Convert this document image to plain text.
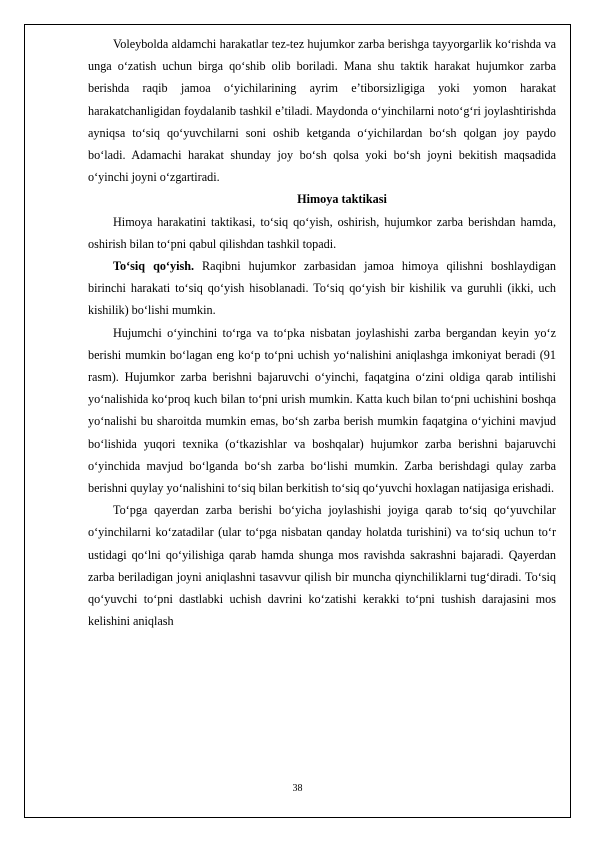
Voleybolda aldamchi harakatlar tez-tez hujumkor zarba berishga tayyorgarlik ko‘rishda va unga o‘zatish uchun birga qo‘shib olib boriladi. Mana shu taktik harakat hujumkor zarba berishda raqib jamoa o‘yichilarining ayrim e’tiborsizligiga yoki yomon harakat harakatchanligidan foydalanib tashkil e’tiladi. Maydonda o‘yinchilarni noto‘g‘ri joylashtirishda ayniqsa to‘siq qo‘yuvchilarni soni oshib ketganda o‘yichilardan bo‘sh qolgan joy paydo bo‘ladi. Adamachi harakat shunday joy bo‘sh qolsa yoki bo‘sh joyni bekitish maqsadida o‘yinchi joyni o‘zgartiradi.

Himoya taktikasi

Himoya harakatini taktikasi, to‘siq qo‘yish, oshirish, hujumkor zarba berishdan hamda, oshirish bilan to‘pni qabul qilishdan tashkil topadi.

To‘siq qo‘yish. Raqibni hujumkor zarbasidan jamoa himoya qilishni boshlaydigan birinchi harakati to‘siq qo‘yish hisoblanadi. To‘siq qo‘yish bir kishilik va guruhli (ikki, uch kishilik) bo‘lishi mumkin.

Hujumchi o‘yinchini to‘rga va to‘pka nisbatan joylashishi zarba bergandan keyin yo‘z berishi mumkin bo‘lagan eng ko‘p to‘pni uchish yo‘nalishini aniqlashga imkoniyat beradi (91 rasm). Hujumkor zarba berishni bajaruvchi o‘yinchi, faqatgina o‘zini oldiga qarab intilishi yo‘nalishida ko‘proq kuch bilan to‘pni urish mumkin. Katta kuch bilan to‘pni uchishini boshqa yo‘nalishi bu sharoitda mumkin emas, bo‘sh zarba berish mumkin faqatgina o‘yichini mavjud bo‘lishida yuqori texnika (o‘tkazishlar va boshqalar) hujumkor zarba berishni bajaruvchi o‘yinchida mavjud bo‘lganda bo‘sh zarba bo‘lishi mumkin. Zarba berishdagi qulay zarba berishni quylay yo‘nalishini to‘siq bilan berkitish to‘siq qo‘yuvchi hoxlagan natijasiga erishadi.

To‘pga qayerdan zarba berishi bo‘yicha joylashishi joyiga qarab to‘siq qo‘yuvchilar o‘yinchilarni ko‘zatadilar (ular to‘pga nisbatan qanday holatda turishini) va to‘siq uchun to‘r ustidagi qo‘lni qo‘yilishiga qarab hamda shunga mos ravishda sakrashni bajaradi. Qayerdan zarba beriladigan joyni aniqlashni tasavvur qilish bir muncha qiynchiliklarni tug‘diradi. To‘siq qo‘yuvchi to‘pni dastlabki uchish davrini ko‘zatishi kerakki to‘pni tushish darajasini mos kelishini aniqlash

38
